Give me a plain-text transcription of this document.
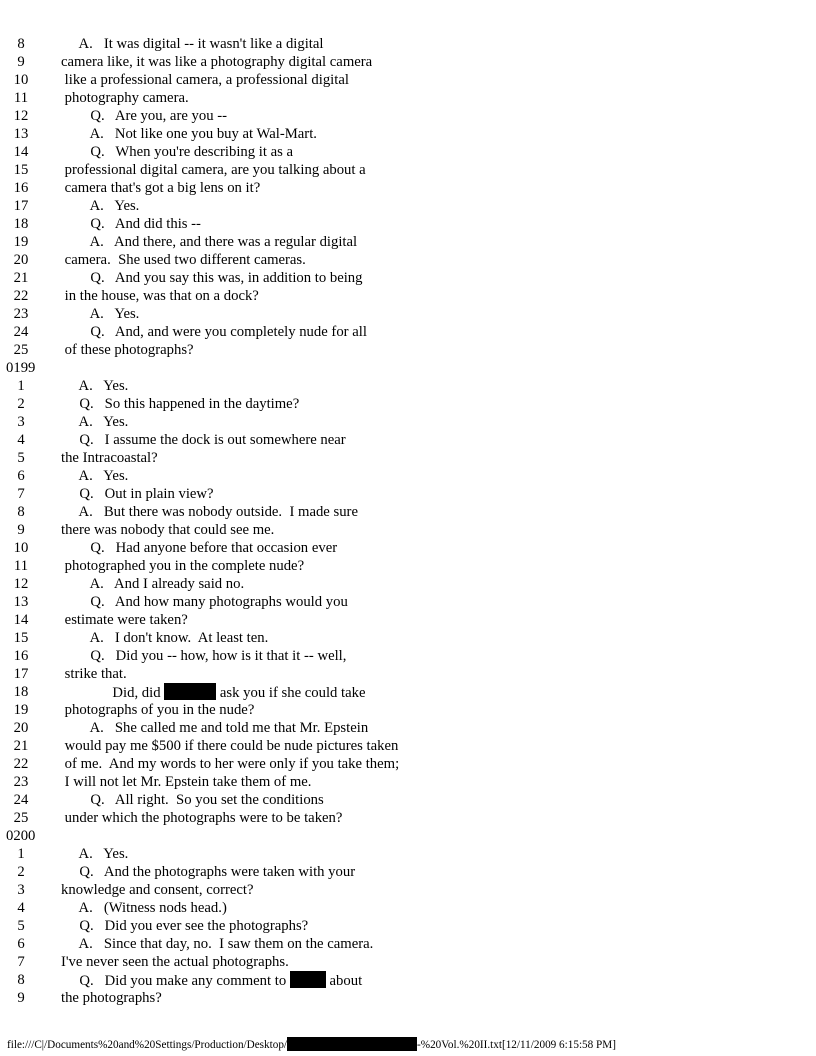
8	A.   It was digital -- it wasn't like a digital
9	camera like, it was like a photography digital camera
10	like a professional camera, a professional digital
11	photography camera.
12	Q.   Are you, are you --
13	A.   Not like one you buy at Wal-Mart.
14	Q.   When you're describing it as a
15	professional digital camera, are you talking about a
16	camera that's got a big lens on it?
17	A.   Yes.
18	Q.   And did this --
19	A.   And there, and there was a regular digital
20	camera.  She used two different cameras.
21	Q.   And you say this was, in addition to being
22	in the house, was that on a dock?
23	A.   Yes.
24	Q.   And, and were you completely nude for all
25	of these photographs?
0199
1	A.   Yes.
2	Q.   So this happened in the daytime?
3	A.   Yes.
4	Q.   I assume the dock is out somewhere near
5	the Intracoastal?
6	A.   Yes.
7	Q.   Out in plain view?
8	A.   But there was nobody outside.  I made sure
9	there was nobody that could see me.
10	Q.   Had anyone before that occasion ever
11	photographed you in the complete nude?
12	A.   And I already said no.
13	Q.   And how many photographs would you
14	estimate were taken?
15	A.   I don't know.  At least ten.
16	Q.   Did you -- how, how is it that it -- well,
17	strike that.
18	Did, did	ask you if she could take
19	photographs of you in the nude?
20	A.   She called me and told me that Mr. Epstein
21	would pay me $500 if there could be nude pictures taken
22	of me.  And my words to her were only if you take them;
23	I will not let Mr. Epstein take them of me.
24	Q.   All right.  So you set the conditions
25	under which the photographs were to be taken?
0200
1	A.   Yes.
2	Q.   And the photographs were taken with your
3	knowledge and consent, correct?
4	A.   (Witness nods head.)
5	Q.   Did you ever see the photographs?
6	A.   Since that day, no.  I saw them on the camera.
7	I've never seen the actual photographs.
8	Q.   Did you make any comment to  about
9	the photographs?
file:///C|/Documents%20and%20Settings/Production/Desktop/	-%20Vol.%20II.txt[12/11/2009 6:15:58 PM]
